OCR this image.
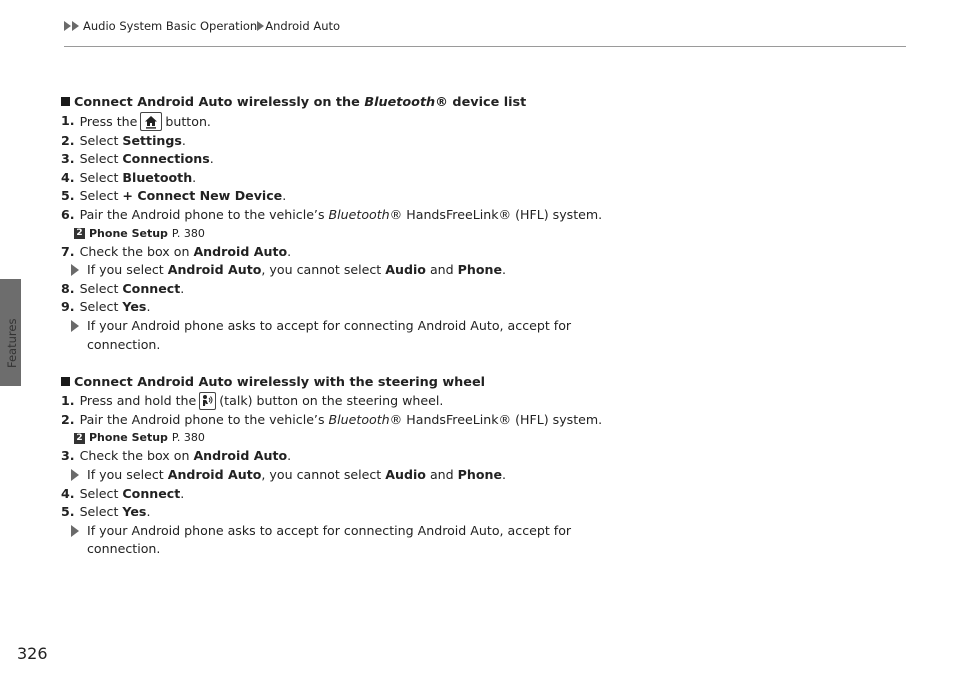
Audio System Basic Operation Android Auto
Features
Connect Android Auto wirelessly on the Bluetooth® device list
1. Press the button.
2. Select Settings.
3. Select Connections.
4. Select Bluetooth.
5. Select + Connect New Device.
6. Pair the Android phone to the vehicle’s Bluetooth® HandsFreeLink® (HFL) system.
2 Phone Setup P. 380
7. Check the box on Android Auto.
If you select Android Auto, you cannot select Audio and Phone.
8. Select Connect.
9. Select Yes.
If your Android phone asks to accept for connecting Android Auto, accept for connection.
Connect Android Auto wirelessly with the steering wheel
1. Press and hold the (talk) button on the steering wheel.
2. Pair the Android phone to the vehicle’s Bluetooth® HandsFreeLink® (HFL) system.
2 Phone Setup P. 380
3. Check the box on Android Auto.
If you select Android Auto, you cannot select Audio and Phone.
4. Select Connect.
5. Select Yes.
If your Android phone asks to accept for connecting Android Auto, accept for connection.
326
